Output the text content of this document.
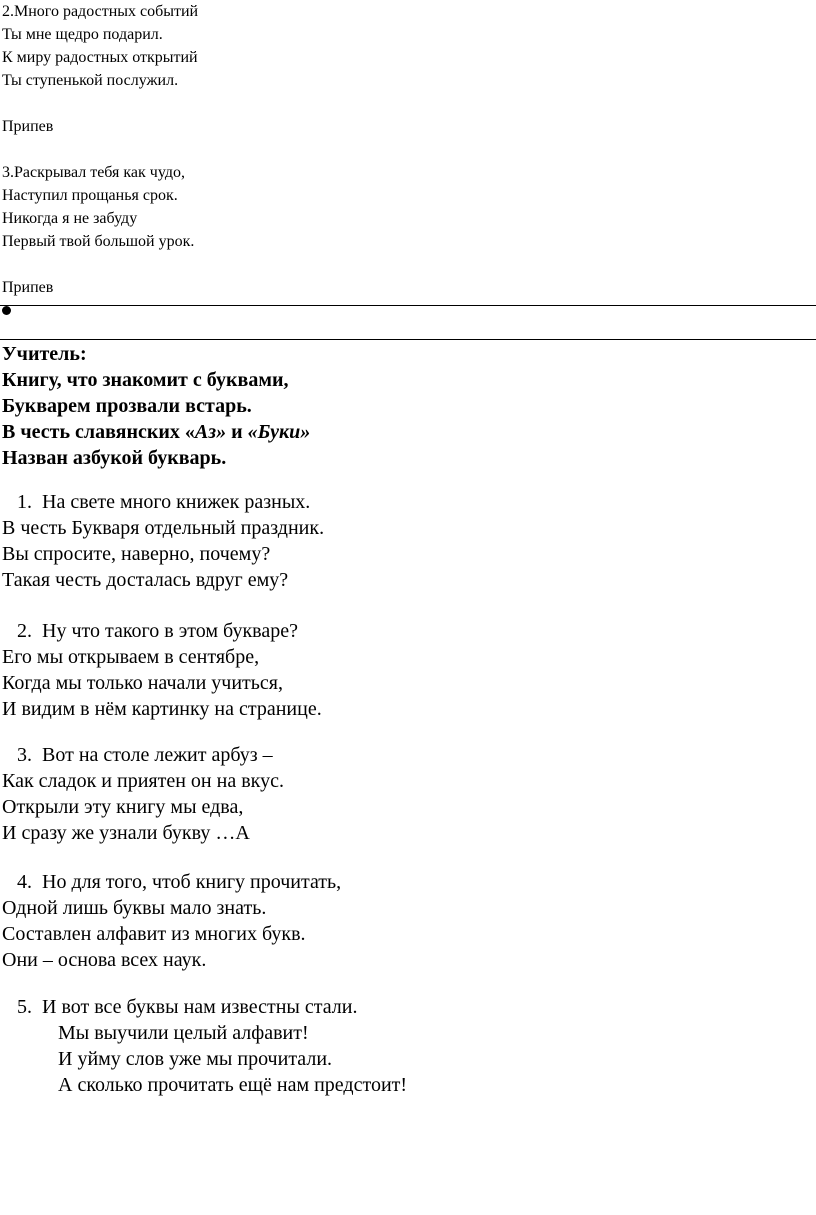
2.Много радостных событий
Ты мне щедро подарил.
К миру радостных открытий
Ты ступенькой послужил.
Припев
3.Раскрывал тебя как чудо,
Наступил прощанья срок.
Никогда я не забуду
Первый твой большой урок.
Припев
Учитель:
Книгу, что знакомит с буквами,
Букварем прозвали встарь.
В честь славянских «Аз» и «Буки»
Назван азбукой букварь.
1. На свете много книжек разных.
В честь Букваря отдельный праздник.
Вы спросите, наверно, почему?
Такая честь досталась вдруг ему?
2. Ну что такого в этом букваре?
Его мы открываем в сентябре,
Когда мы только начали учиться,
И видим в нём картинку на странице.
3. Вот на столе лежит арбуз –
Как сладок и приятен он на вкус.
Открыли эту книгу мы едва,
И сразу же узнали букву …А
4. Но для того, чтоб книгу прочитать,
Одной лишь буквы мало знать.
Составлен алфавит из многих букв.
Они – основа всех наук.
5. И вот все буквы нам известны стали.
Мы выучили целый алфавит!
И уйму слов уже мы прочитали.
А сколько прочитать ещё нам предстоит!
